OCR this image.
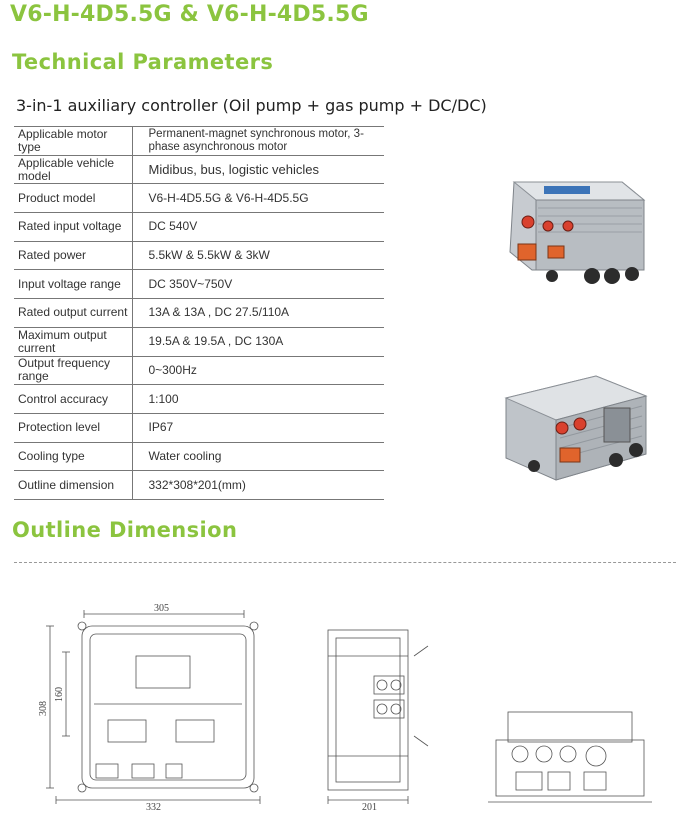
V6-H-4D5.5G & V6-H-4D5.5G
Technical Parameters
3-in-1 auxiliary controller (Oil pump + gas pump + DC/DC)
Applicable motor type	Permanent-magnet synchronous motor, 3-phase asynchronous motor
Applicable vehicle model	Midibus, bus, logistic vehicles
Product model	V6-H-4D5.5G & V6-H-4D5.5G
Rated input voltage	DC 540V
Rated power	5.5kW & 5.5kW & 3kW
Input voltage range	DC 350V~750V
Rated output current	13A & 13A , DC 27.5/110A
Maximum output current	19.5A & 19.5A , DC 130A
Output frequency range	0~300Hz
Control accuracy	1:100
Protection level	IP67
Cooling type	Water cooling
Outline dimension	332*308*201(mm)
Outline Dimension
305
332
308
160
201
